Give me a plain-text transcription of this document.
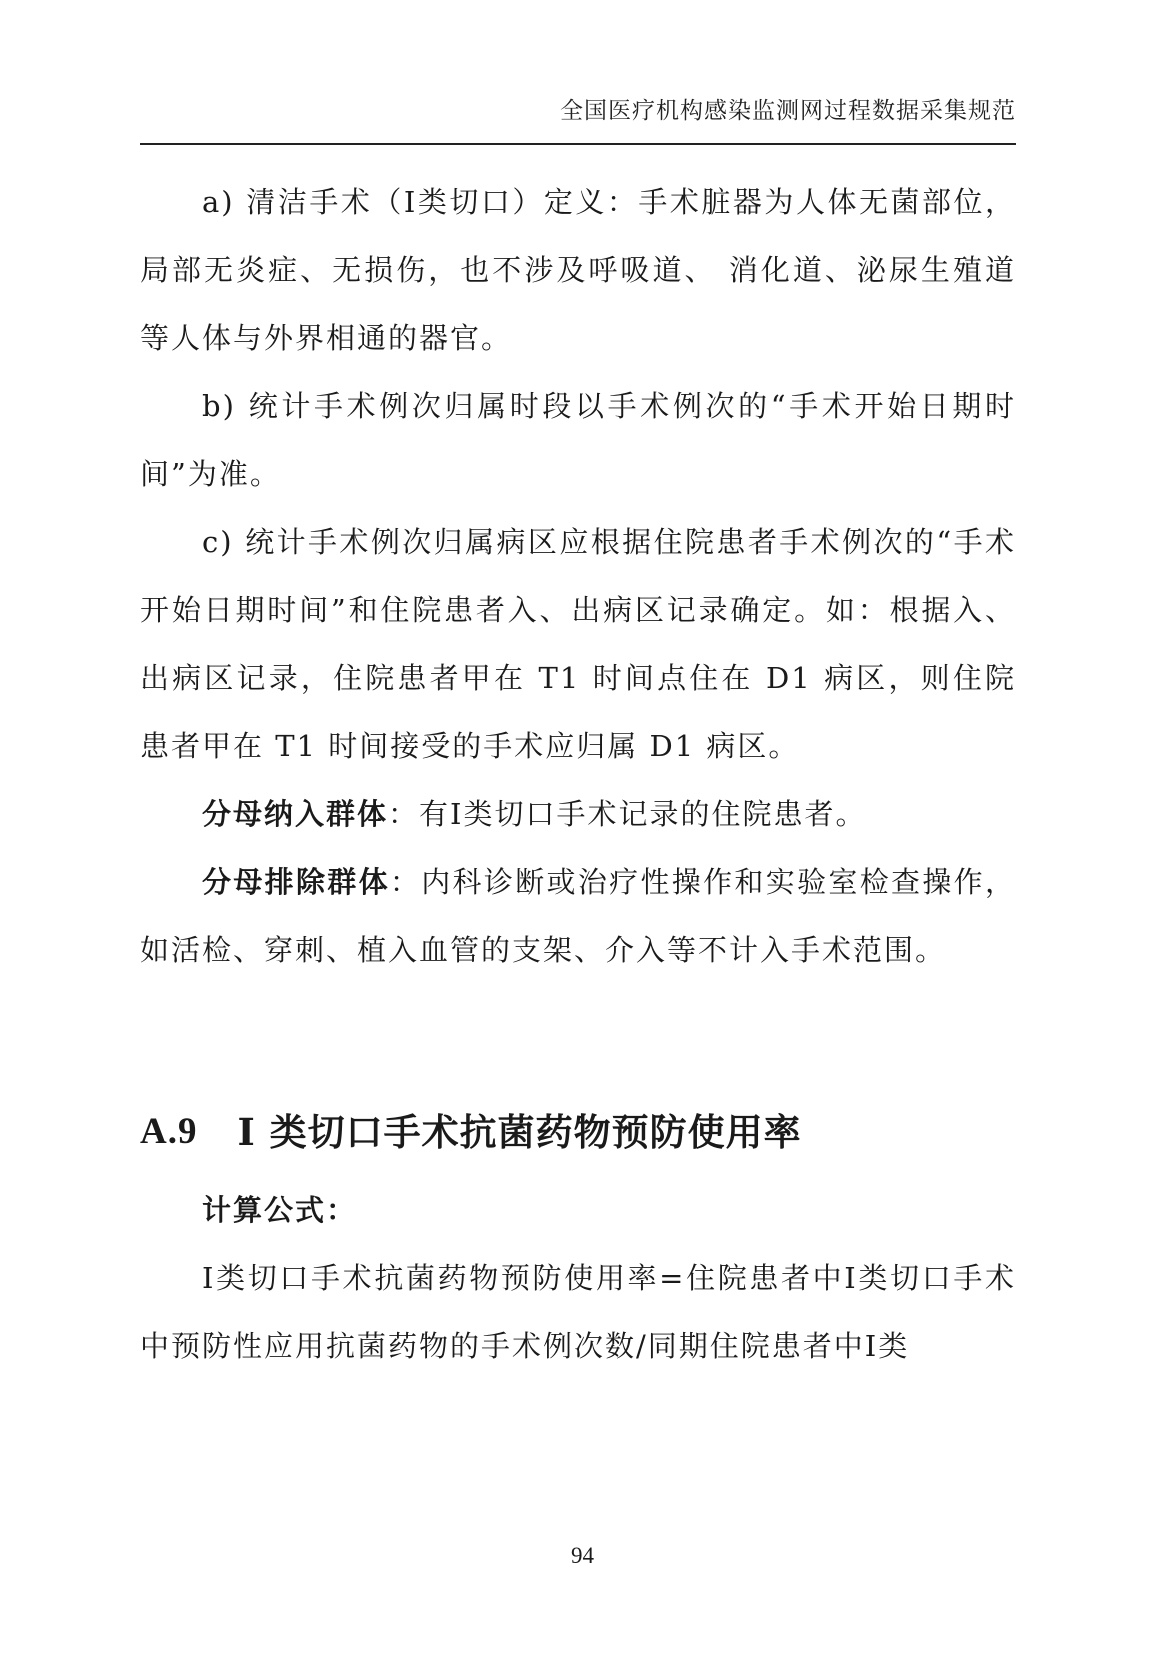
全国医疗机构感染监测网过程数据采集规范

a) 清洁手术（I类切口）定义：手术脏器为人体无菌部位，局部无炎症、无损伤，也不涉及呼吸道、 消化道、泌尿生殖道等人体与外界相通的器官。

b) 统计手术例次归属时段以手术例次的“手术开始日期时间”为准。

c) 统计手术例次归属病区应根据住院患者手术例次的“手术开始日期时间”和住院患者入、出病区记录确定。如：根据入、出病区记录，住院患者甲在 T1 时间点住在 D1 病区，则住院患者甲在 T1 时间接受的手术应归属 D1 病区。

分母纳入群体：有I类切口手术记录的住院患者。

分母排除群体：内科诊断或治疗性操作和实验室检查操作，如活检、穿刺、植入血管的支架、介入等不计入手术范围。

A.9 I 类切口手术抗菌药物预防使用率

计算公式：

I类切口手术抗菌药物预防使用率=住院患者中I类切口手术中预防性应用抗菌药物的手术例次数/同期住院患者中I类

94
